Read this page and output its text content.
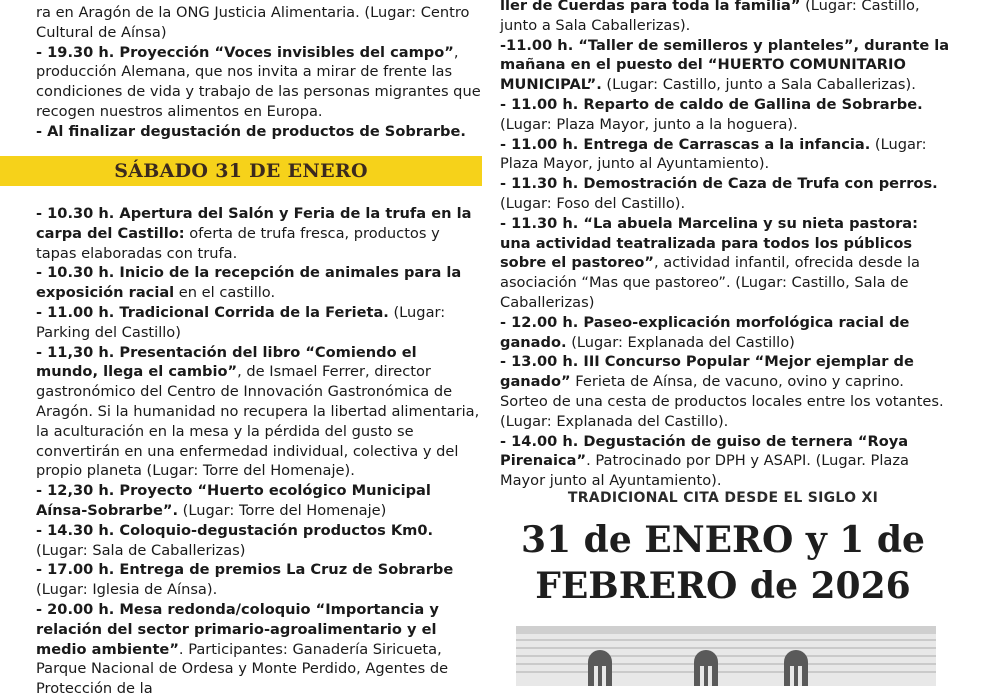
ra en Aragón de la ONG Justicia Alimentaria. (Lugar: Centro Cultural de Aínsa)

- 19.30 h. Proyección “Voces invisibles del campo”, producción Alemana, que nos invita a mirar de frente las condiciones de vida y trabajo de las personas migrantes que recogen nuestros alimentos en Europa.

- Al finalizar degustación de productos de Sobrarbe.

SÁBADO 31 DE ENERO

- 10.30 h. Apertura del Salón y Feria de la trufa en la carpa del Castillo: oferta de trufa fresca, productos y tapas elaboradas con trufa.

- 10.30 h. Inicio de la recepción de animales para la exposición racial en el castillo.

- 11.00 h. Tradicional Corrida de la Ferieta. (Lugar: Parking del Castillo)

- 11,30 h. Presentación del libro “Comiendo el mundo, llega el cambio”, de Ismael Ferrer, director gastronómico del Centro de Innovación Gastronómica de Aragón. Si la humanidad no recupera la libertad alimentaria, la aculturación en la mesa y la pérdida del gusto se convertirán en una enfermedad individual, colectiva y del propio planeta (Lugar: Torre del Homenaje).

- 12,30 h. Proyecto “Huerto ecológico Municipal Aínsa-Sobrarbe”. (Lugar: Torre del Homenaje)

- 14.30 h. Coloquio-degustación productos Km0. (Lugar: Sala de Caballerizas)

- 17.00 h. Entrega de premios La Cruz de Sobrarbe (Lugar: Iglesia de Aínsa).

- 20.00 h. Mesa redonda/coloquio “Importancia y relación del sector primario-agroalimentario y el medio ambiente”. Participantes: Ganadería Siricueta, Parque Nacional de Ordesa y Monte Perdido, Agentes de Protección de la

ller de Cuerdas para toda la familia” (Lugar: Castillo, junto a Sala Caballerizas).

-11.00 h. “Taller de semilleros y planteles”, durante la mañana en el puesto del “HUERTO COMUNITARIO MUNICIPAL”. (Lugar: Castillo, junto a Sala Caballerizas).

- 11.00 h. Reparto de caldo de Gallina de Sobrarbe. (Lugar: Plaza Mayor, junto a la hoguera).

- 11.00 h. Entrega de Carrascas a la infancia. (Lugar: Plaza Mayor, junto al Ayuntamiento).

- 11.30 h. Demostración de Caza de Trufa con perros. (Lugar: Foso del Castillo).

- 11.30 h. “La abuela Marcelina y su nieta pastora: una actividad teatralizada para todos los públicos sobre el pastoreo”, actividad infantil, ofrecida desde la asociación “Mas que pastoreo”. (Lugar: Castillo, Sala de Caballerizas)

- 12.00 h. Paseo-explicación morfológica racial de ganado. (Lugar: Explanada del Castillo)

- 13.00 h. III Concurso Popular “Mejor ejemplar de ganado” Ferieta de Aínsa, de vacuno, ovino y caprino. Sorteo de una cesta de productos locales entre los votantes. (Lugar: Explanada del Castillo).

- 14.00 h. Degustación de guiso de ternera “Roya Pirenaica”. Patrocinado por DPH y ASAPI. (Lugar. Plaza Mayor junto al Ayuntamiento).

TRADICIONAL CITA DESDE EL SIGLO XI
31 de ENERO y 1 de
FEBRERO de 2026
